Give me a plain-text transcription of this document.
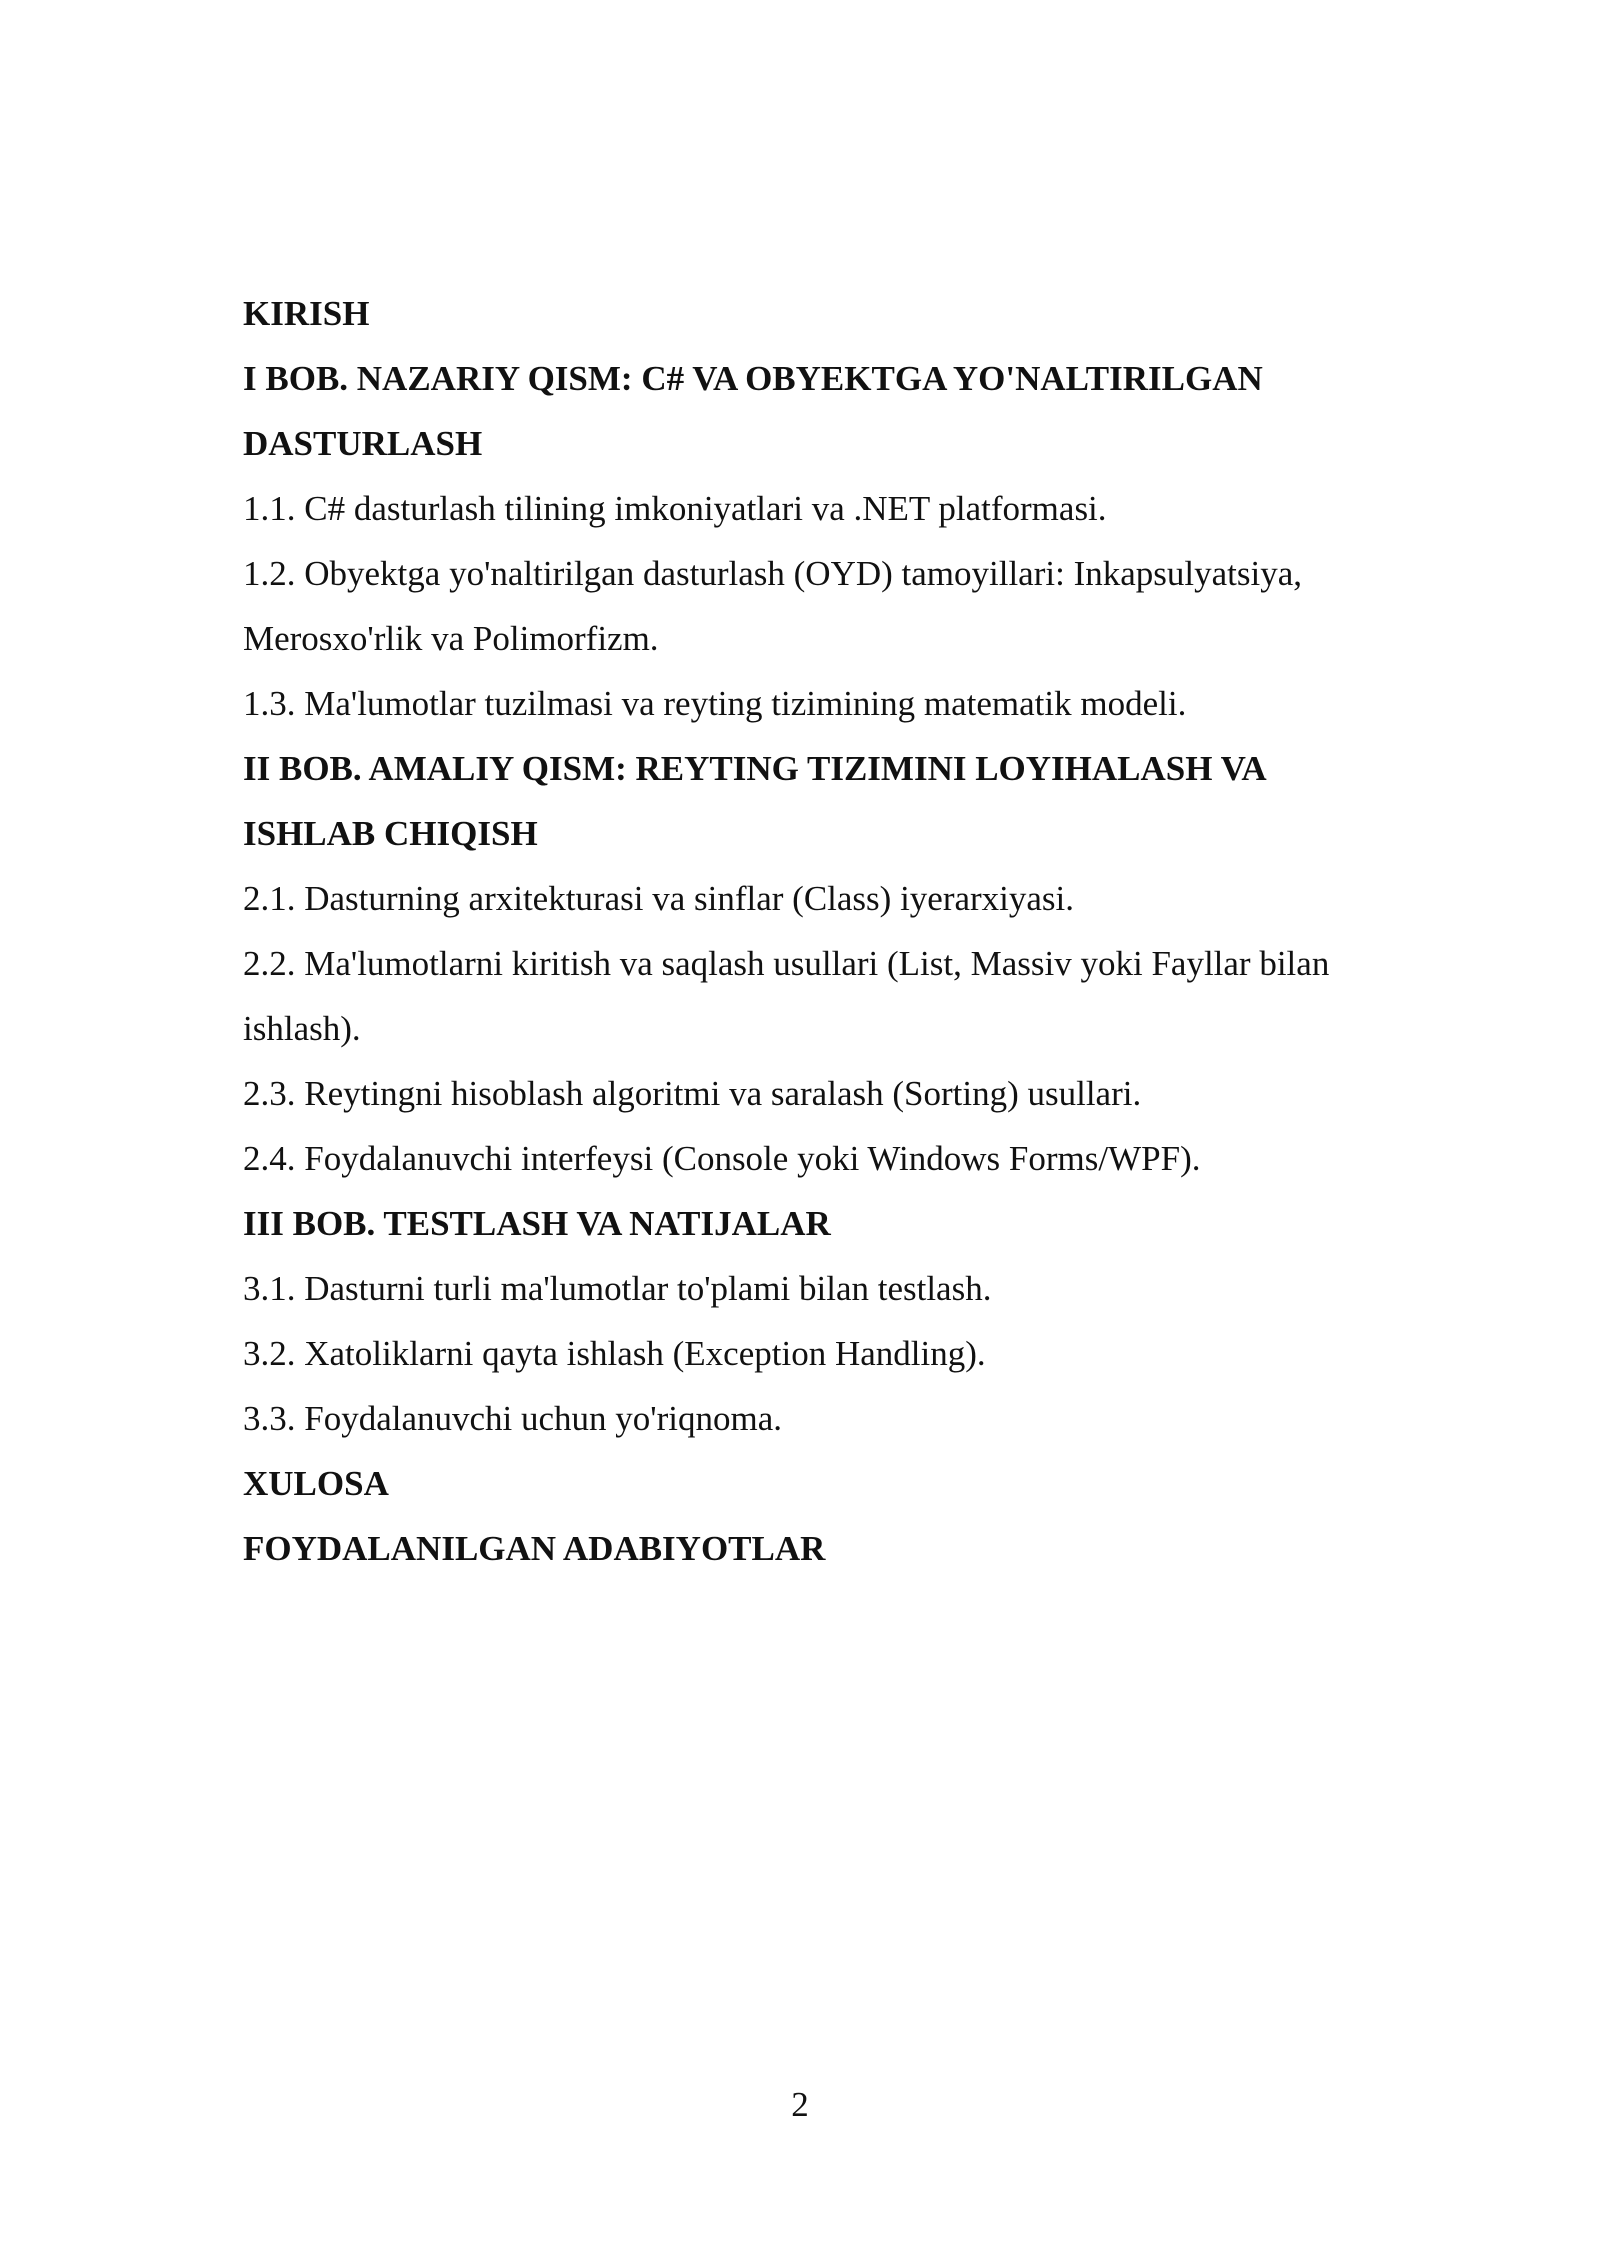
KIRISH
I BOB. NAZARIY QISM: C# VA OBYEKTGA YO'NALTIRILGAN
DASTURLASH
1.1. C# dasturlash tilining imkoniyatlari va .NET platformasi.
1.2. Obyektga yo'naltirilgan dasturlash (OYD) tamoyillari: Inkapsulyatsiya,
Merosxo'rlik va Polimorfizm.
1.3. Ma'lumotlar tuzilmasi va reyting tizimining matematik modeli.
II BOB. AMALIY QISM: REYTING TIZIMINI LOYIHALASH VA
ISHLAB CHIQISH
2.1. Dasturning arxitekturasi va sinflar (Class) iyerarxiyasi.
2.2. Ma'lumotlarni kiritish va saqlash usullari (List, Massiv yoki Fayllar bilan
ishlash).
2.3. Reytingni hisoblash algoritmi va saralash (Sorting) usullari.
2.4. Foydalanuvchi interfeysi (Console yoki Windows Forms/WPF).
III BOB. TESTLASH VA NATIJALAR
3.1. Dasturni turli ma'lumotlar to'plami bilan testlash.
3.2. Xatoliklarni qayta ishlash (Exception Handling).
3.3. Foydalanuvchi uchun yo'riqnoma.
XULOSA
FOYDALANILGAN ADABIYOTLAR
2
